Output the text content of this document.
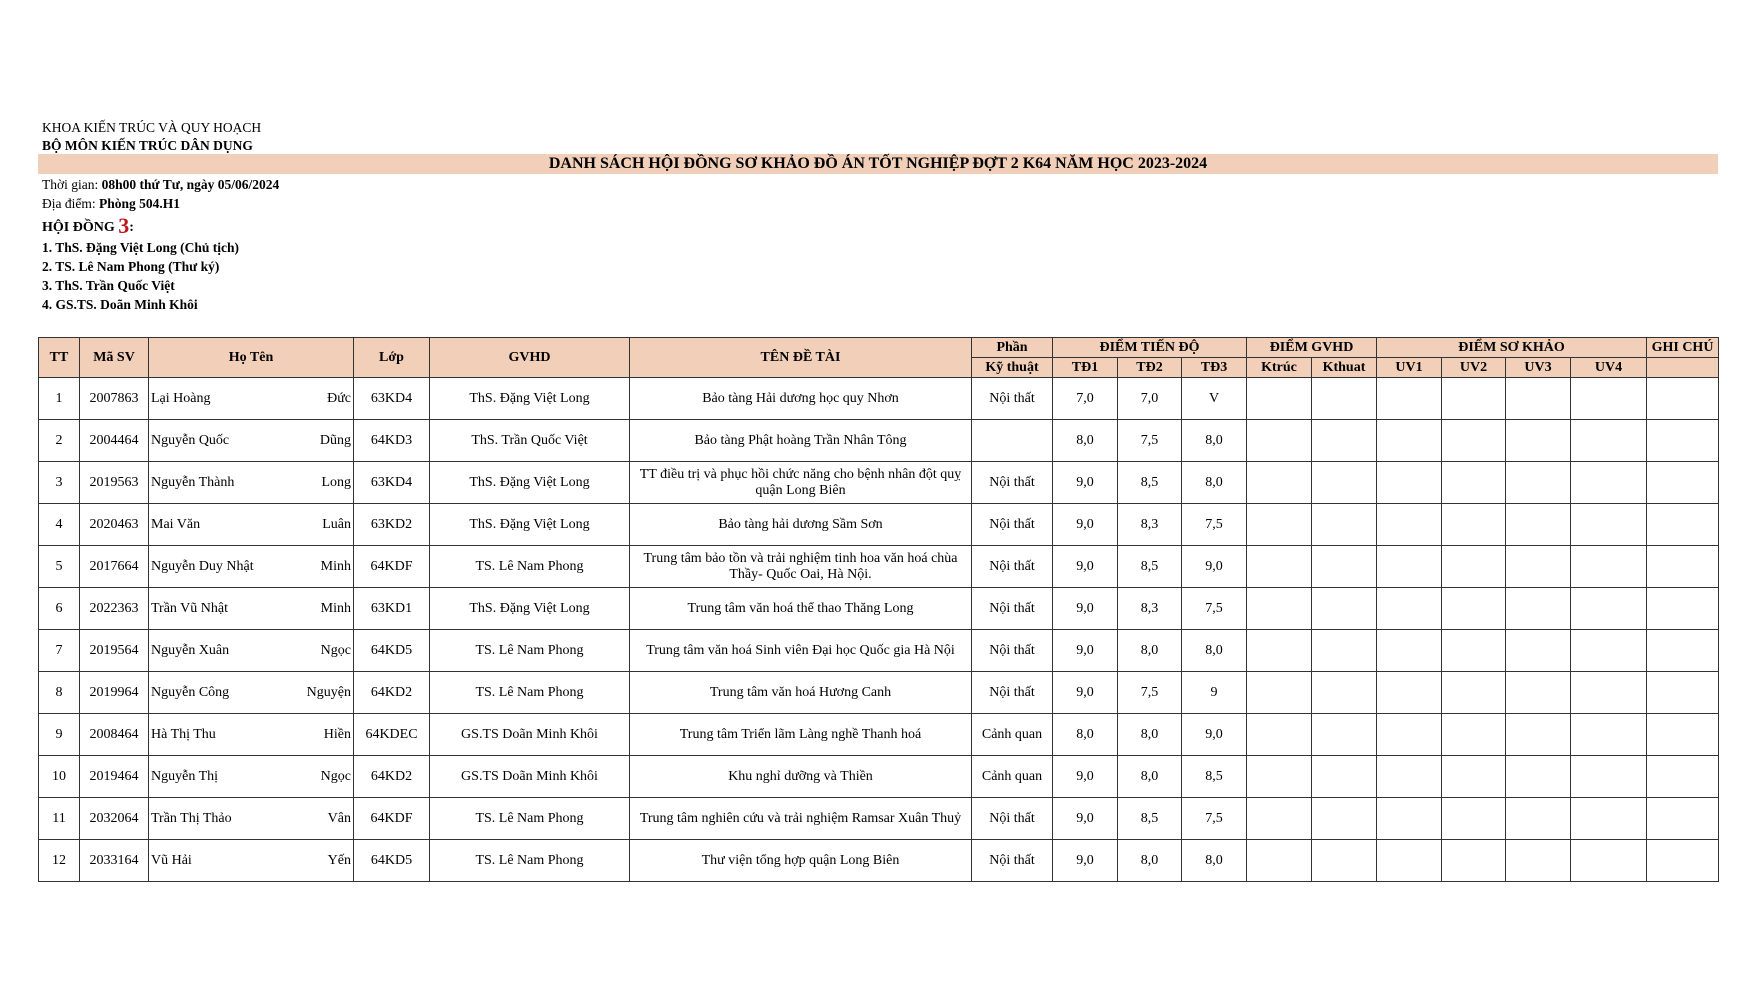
KHOA KIẾN TRÚC VÀ QUY HOẠCH
BỘ MÔN KIẾN TRÚC DÂN DỤNG
DANH SÁCH HỘI ĐỒNG SƠ KHẢO ĐỒ ÁN TỐT NGHIỆP ĐỢT 2 K64 NĂM HỌC 2023-2024
Thời gian: 08h00 thứ Tư, ngày 05/06/2024
Địa điểm: Phòng 504.H1
HỘI ĐỒNG 3:
1. ThS. Đặng Việt Long (Chủ tịch)
2. TS. Lê Nam Phong (Thư ký)
3. ThS. Trần Quốc Việt
4. GS.TS. Doãn Minh Khôi
TT	Mã SV	Họ Tên	Lớp	GVHD	TÊN ĐỀ TÀI	Phần	ĐIỂM TIẾN ĐỘ			ĐIỂM GVHD		ĐIỂM SƠ KHẢO				GHI CHÚ
						Kỹ thuật	TĐ1	TĐ2	TĐ3	Ktrúc	Kthuat	UV1	UV2	UV3	UV4	
1	2007863	Lại Hoàng Đức	63KD4	ThS. Đặng Việt Long	Bảo tàng Hải dương học quy Nhơn	Nội thất	7,0	7,0	V							
2	2004464	Nguyễn Quốc Dũng	64KD3	ThS. Trần Quốc Việt	Bảo tàng Phật hoàng Trần Nhân Tông		8,0	7,5	8,0							
3	2019563	Nguyễn Thành Long	63KD4	ThS. Đặng Việt Long	TT điều trị và phục hồi chức năng cho bệnh nhân đột quỵ quận Long Biên	Nội thất	9,0	8,5	8,0							
4	2020463	Mai Văn Luân	63KD2	ThS. Đặng Việt Long	Bảo tàng hải dương Sầm Sơn	Nội thất	9,0	8,3	7,5							
5	2017664	Nguyễn Duy Nhật Minh	64KDF	TS. Lê Nam Phong	Trung tâm bảo tồn và trải nghiệm tinh hoa văn hoá chùa Thầy- Quốc Oai, Hà Nội.	Nội thất	9,0	8,5	9,0							
6	2022363	Trần Vũ Nhật Minh	63KD1	ThS. Đặng Việt Long	Trung tâm văn hoá thể thao Thăng Long	Nội thất	9,0	8,3	7,5							
7	2019564	Nguyễn Xuân Ngọc	64KD5	TS. Lê Nam Phong	Trung tâm văn hoá Sinh viên Đại học Quốc gia Hà Nội	Nội thất	9,0	8,0	8,0							
8	2019964	Nguyễn Công Nguyện	64KD2	TS. Lê Nam Phong	Trung tâm văn hoá Hương Canh	Nội thất	9,0	7,5	9							
9	2008464	Hà Thị Thu Hiền	64KDEC	GS.TS Doãn Minh Khôi	Trung tâm Triển lãm Làng nghề Thanh hoá	Cảnh quan	8,0	8,0	9,0							
10	2019464	Nguyễn Thị Ngọc	64KD2	GS.TS Doãn Minh Khôi	Khu nghỉ dưỡng và Thiền	Cảnh quan	9,0	8,0	8,5							
11	2032064	Trần Thị Thảo Vân	64KDF	TS. Lê Nam Phong	Trung tâm nghiên cứu và trải nghiệm Ramsar Xuân Thuỷ	Nội thất	9,0	8,5	7,5							
12	2033164	Vũ Hải Yến	64KD5	TS. Lê Nam Phong	Thư viện tổng hợp quận Long Biên	Nội thất	9,0	8,0	8,0							
